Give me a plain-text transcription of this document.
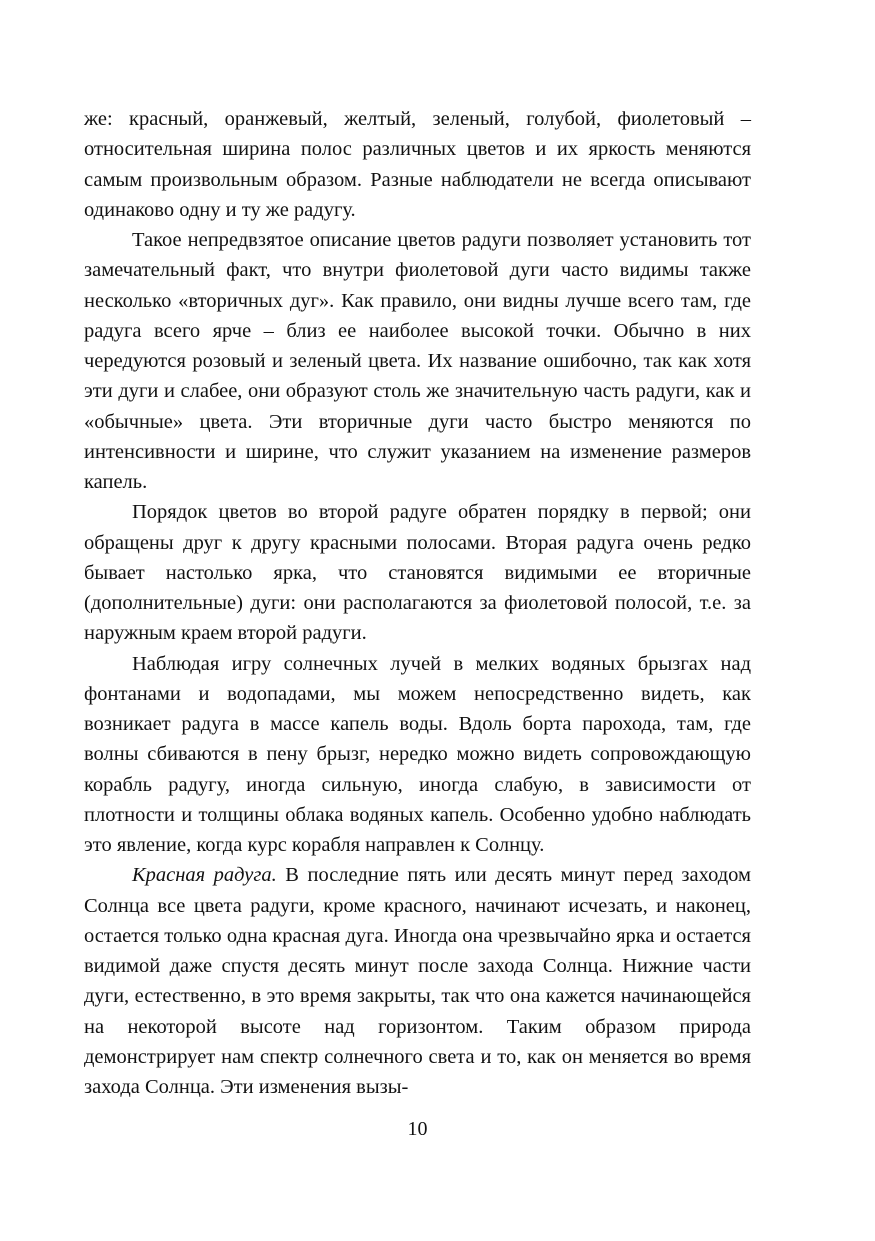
же: красный, оранжевый, желтый, зеленый, голубой, фиолетовый – относительная ширина полос различных цветов и их яркость меняются самым произвольным образом. Разные наблюдатели не всегда описывают одинаково одну и ту же радугу.

Такое непредвзятое описание цветов радуги позволяет установить тот замечательный факт, что внутри фиолетовой дуги часто видимы также несколько «вторичных дуг». Как правило, они видны лучше всего там, где радуга всего ярче – близ ее наиболее высокой точки. Обычно в них чередуются розовый и зеленый цвета. Их название ошибочно, так как хотя эти дуги и слабее, они образуют столь же значительную часть радуги, как и «обычные» цвета. Эти вторичные дуги часто быстро меняются по интенсивности и ширине, что служит указанием на изменение размеров капель.

Порядок цветов во второй радуге обратен порядку в первой; они обращены друг к другу красными полосами. Вторая радуга очень редко бывает настолько ярка, что становятся видимыми ее вторичные (дополнительные) дуги: они располагаются за фиолетовой полосой, т.е. за наружным краем второй радуги.

Наблюдая игру солнечных лучей в мелких водяных брызгах над фонтанами и водопадами, мы можем непосредственно видеть, как возникает радуга в массе капель воды. Вдоль борта парохода, там, где волны сбиваются в пену брызг, нередко можно видеть сопровождающую корабль радугу, иногда сильную, иногда слабую, в зависимости от плотности и толщины облака водяных капель. Особенно удобно наблюдать это явление, когда курс корабля направлен к Солнцу.

Красная радуга. В последние пять или десять минут перед заходом Солнца все цвета радуги, кроме красного, начинают исчезать, и наконец, остается только одна красная дуга. Иногда она чрезвычайно ярка и остается видимой даже спустя десять минут после захода Солнца. Нижние части дуги, естественно, в это время закрыты, так что она кажется начинающейся на некоторой высоте над горизонтом. Таким образом природа демонстрирует нам спектр солнечного света и то, как он меняется во время захода Солнца. Эти изменения вызы-

10
